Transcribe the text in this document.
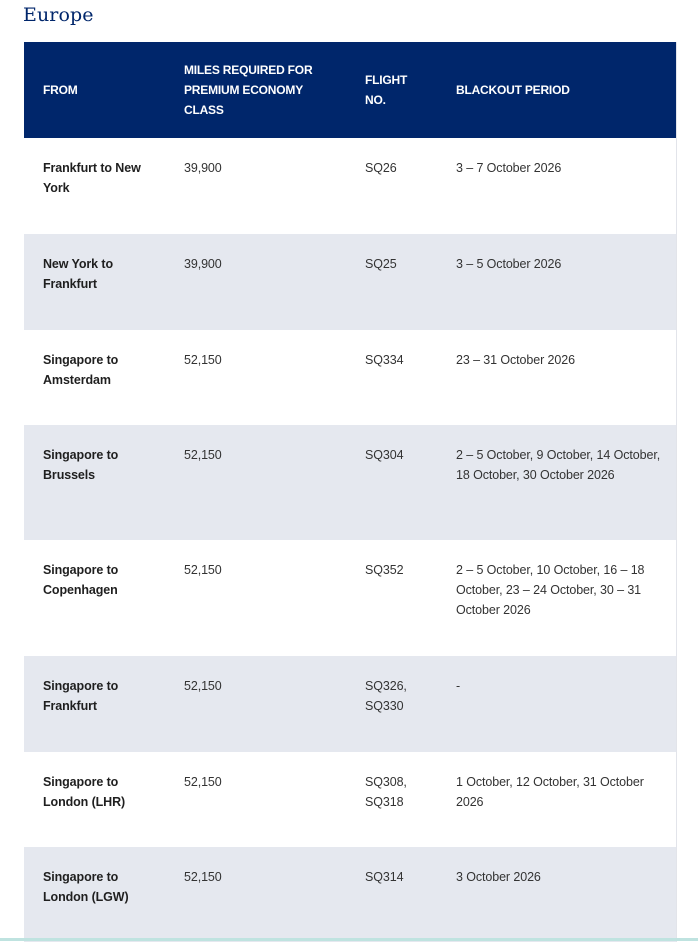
Europe
FROM	MILES REQUIRED FOR PREMIUM ECONOMY CLASS	FLIGHT NO.	BLACKOUT PERIOD
Frankfurt to New York	39,900	SQ26	3 – 7 October 2026
New York to Frankfurt	39,900	SQ25	3 – 5 October 2026
Singapore to Amsterdam	52,150	SQ334	23 – 31 October 2026
Singapore to Brussels	52,150	SQ304	2 – 5 October, 9 October, 14 October, 18 October, 30 October 2026
Singapore to Copenhagen	52,150	SQ352	2 – 5 October, 10 October, 16 – 18 October, 23 – 24 October, 30 – 31 October 2026
Singapore to Frankfurt	52,150	SQ326, SQ330	-
Singapore to London (LHR)	52,150	SQ308, SQ318	1 October, 12 October, 31 October 2026
Singapore to London (LGW)	52,150	SQ314	3 October 2026
